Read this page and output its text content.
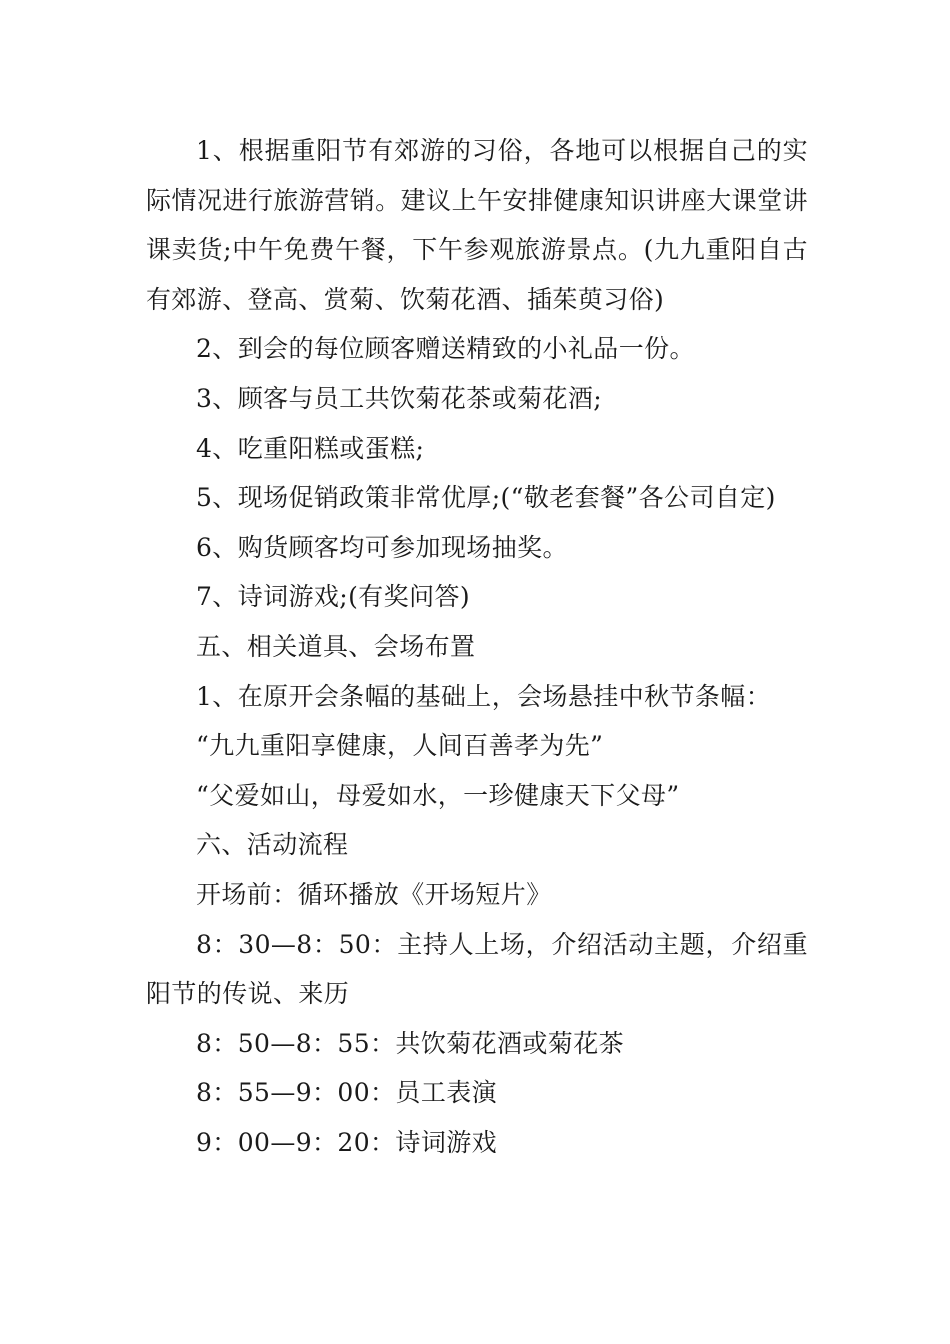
1、根据重阳节有郊游的习俗，各地可以根据自己的实际情况进行旅游营销。建议上午安排健康知识讲座大课堂讲课卖货;中午免费午餐，下午参观旅游景点。(九九重阳自古有郊游、登高、赏菊、饮菊花酒、插茱萸习俗)

2、到会的每位顾客赠送精致的小礼品一份。

3、顾客与员工共饮菊花茶或菊花酒;

4、吃重阳糕或蛋糕;

5、现场促销政策非常优厚;(“敬老套餐”各公司自定)

6、购货顾客均可参加现场抽奖。

7、诗词游戏;(有奖问答)

五、相关道具、会场布置

1、在原开会条幅的基础上，会场悬挂中秋节条幅：

“九九重阳享健康，人间百善孝为先”

“父爱如山，母爱如水，一珍健康天下父母”

六、活动流程

开场前：循环播放《开场短片》

8：30—8：50：主持人上场，介绍活动主题，介绍重阳节的传说、来历

8：50—8：55：共饮菊花酒或菊花茶

8：55—9：00：员工表演

9：00—9：20：诗词游戏
